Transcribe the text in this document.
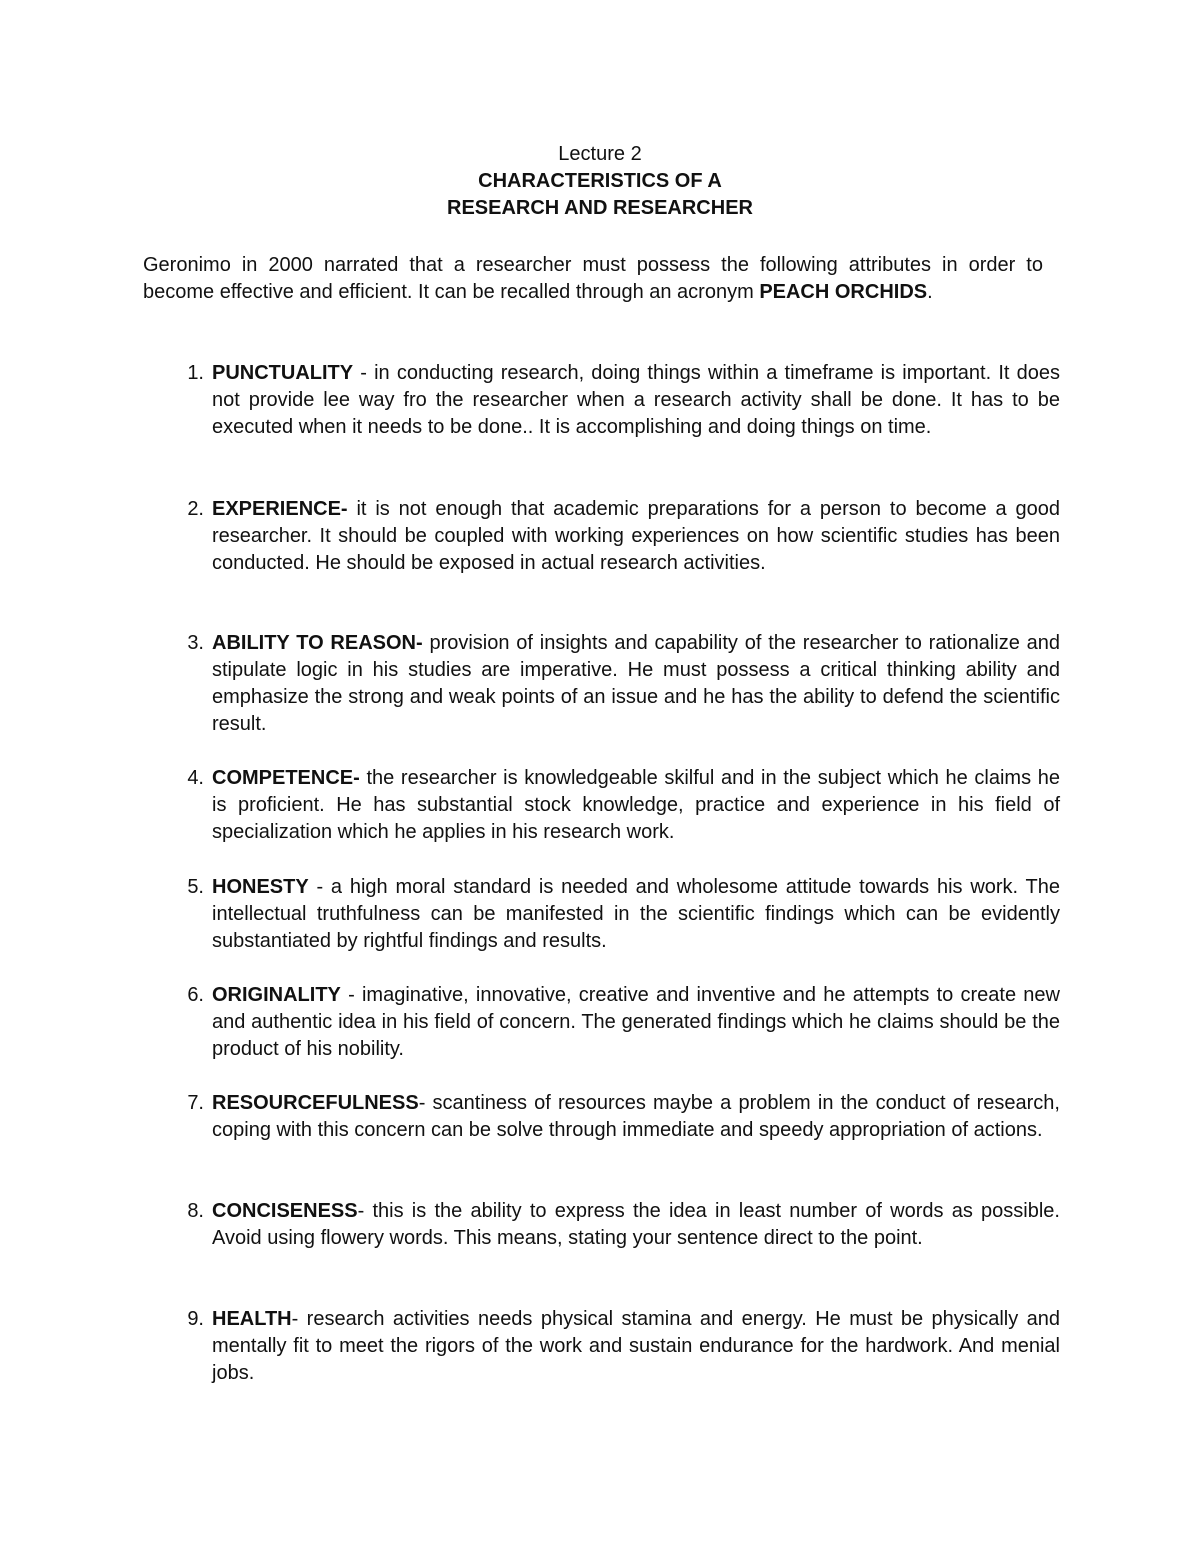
Lecture 2
CHARACTERISTICS OF A
RESEARCH AND RESEARCHER
Geronimo in 2000 narrated that a researcher must possess the following attributes in order to become effective and efficient. It can be recalled through an acronym PEACH ORCHIDS.
1. PUNCTUALITY - in conducting research, doing things within a timeframe is important. It does not provide lee way fro the researcher when a research activity shall be done. It has to be executed when it needs to be done.. It is accomplishing and doing things on time.
2. EXPERIENCE- it is not enough that academic preparations for a person to become a good researcher. It should be coupled with working experiences on how scientific studies has been conducted. He should be exposed in actual research activities.
3. ABILITY TO REASON- provision of insights and capability of the researcher to rationalize and stipulate logic in his studies are imperative. He must possess a critical thinking ability and emphasize the strong and weak points of an issue and he has the ability to defend the scientific result.
4. COMPETENCE- the researcher is knowledgeable skilful and in the subject which he claims he is proficient. He has substantial stock knowledge, practice and experience in his field of specialization which he applies in his research work.
5. HONESTY - a high moral standard is needed and wholesome attitude towards his work. The intellectual truthfulness can be manifested in the scientific findings which can be evidently substantiated by rightful findings and results.
6. ORIGINALITY - imaginative, innovative, creative and inventive and he attempts to create new and authentic idea in his field of concern. The generated findings which he claims should be the product of his nobility.
7. RESOURCEFULNESS- scantiness of resources maybe a problem in the conduct of research, coping with this concern can be solve through immediate and speedy appropriation of actions.
8. CONCISENESS- this is the ability to express the idea in least number of words as possible. Avoid using flowery words. This means, stating your sentence direct to the point.
9. HEALTH- research activities needs physical stamina and energy. He must be physically and mentally fit to meet the rigors of the work and sustain endurance for the hardwork. And menial jobs.
